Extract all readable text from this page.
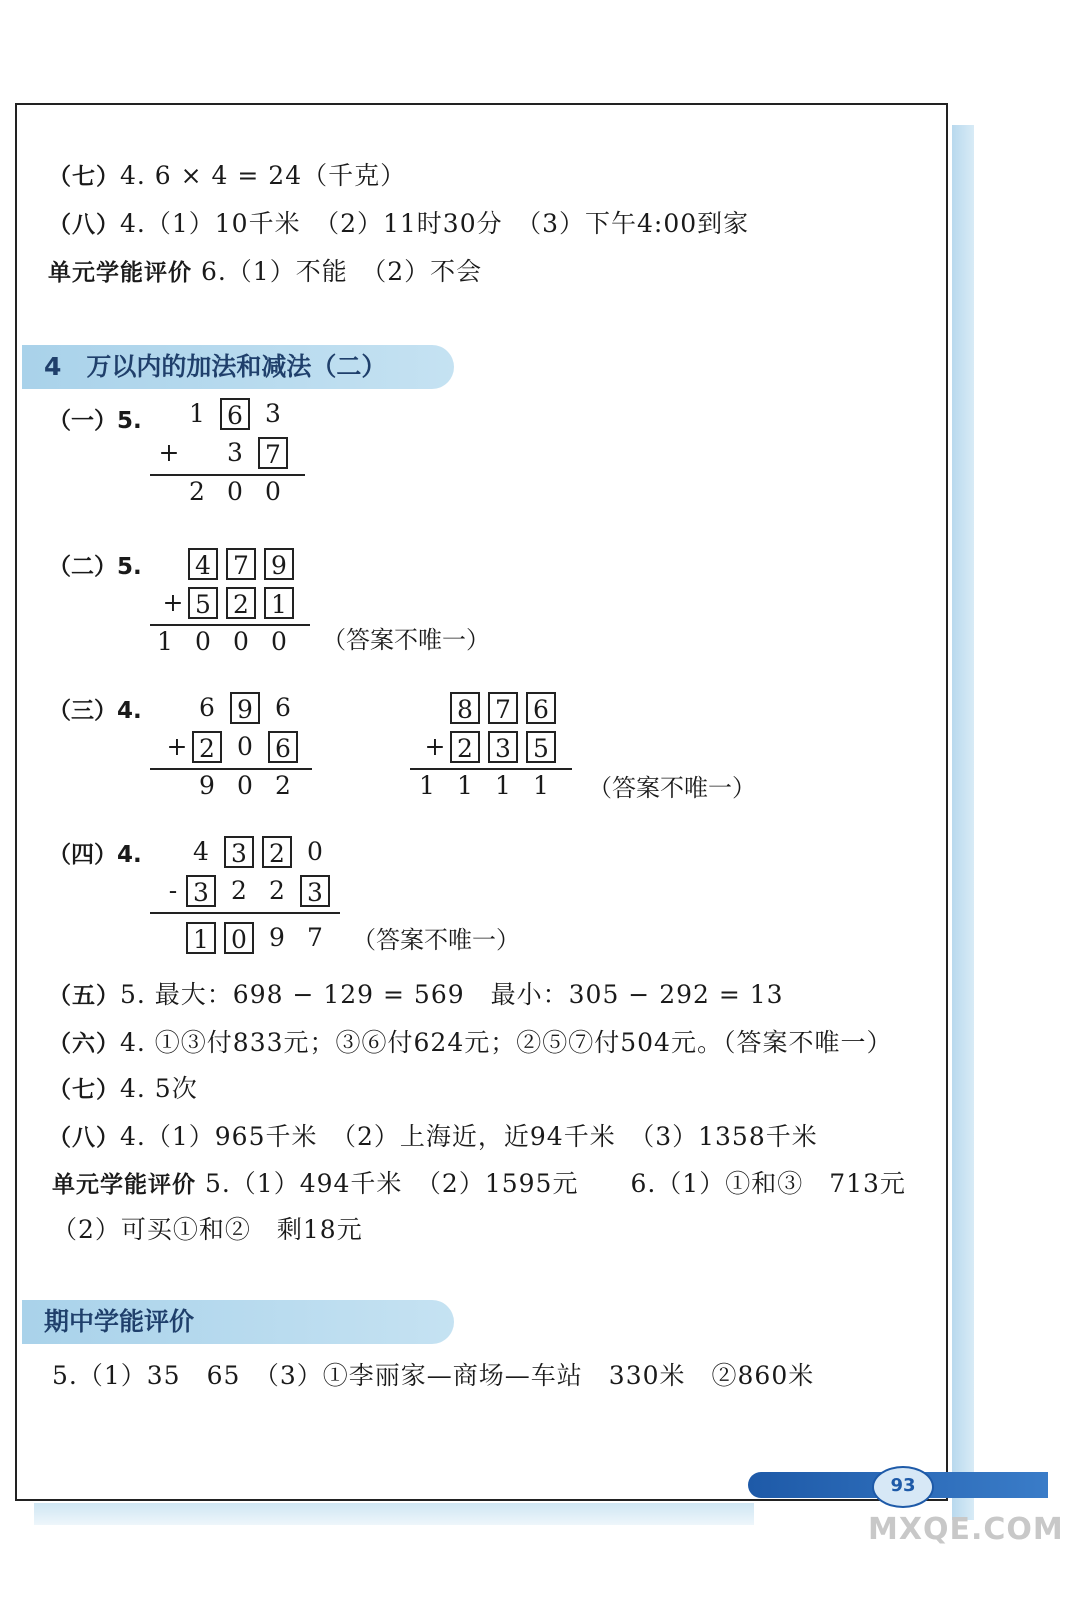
（七）4. 6 × 4 = 24（千克）
（八）4.（1）10千米　（2）11时30分　（3）下午4:00到家
单元学能评价 6.（1）不能　（2）不会
4　万以内的加法和减法（二）
（一）5. 1 6 3
+ 3 7
2 0 0
（二）5. 4 7 9
+ 5 2 1
1 0 0 0 （答案不唯一）
（三）4. 6 9 6
+ 2 0 6
9 0 2
8 7 6
+ 2 3 5
1 1 1 1 （答案不唯一）
（四）4. 4 3 2 0
- 3 2 2 3
1 0 9 7 （答案不唯一）
（五）5. 最大：698 − 129 = 569　最小：305 − 292 = 13
（六）4. ①③付833元；③⑥付624元；②⑤⑦付504元。（答案不唯一）
（七）4. 5次
（八）4.（1）965千米　（2）上海近，近94千米　（3）1358千米
单元学能评价 5.（1）494千米　（2）1595元　　6.（1）①和③　713元
（2）可买①和②　剩18元
期中学能评价
5.（1）35　65　（3）①李丽家—商场—车站　330米　②860米
93
MXQE.COM
